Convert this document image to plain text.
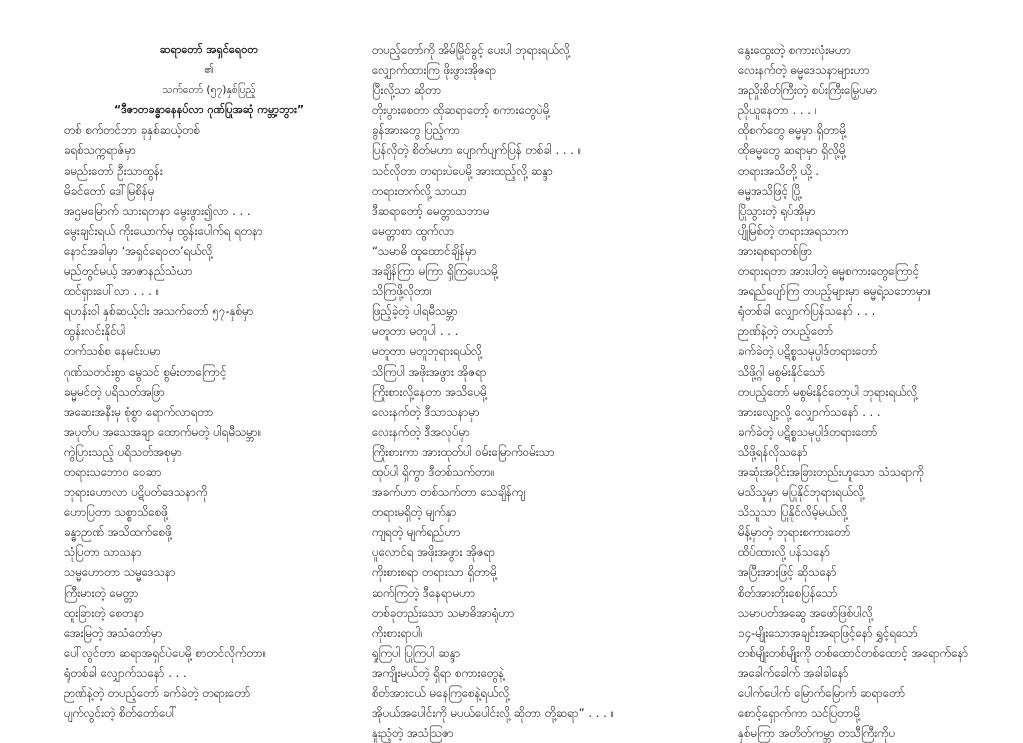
ဆရာတော် အရှင်ရေဝတ
၏
သက်တော် (၅၇)နှစ်ပြည့်
“ဒီဇာတခန္ဓာနေနပ်လာ ဂုဏ်ပြုအဆုံ ကမ္ဘာ့ဘွား”
• တစ် စက်တင်ဘာ ခုနှစ်ဆယ့်တစ်
ခရစ်သက္ကရာဇ်မှာ
ခမည်းတော် ဦးသာထွန်း
မိခင်တော် ဒေါ်မြစိန်မှ
အဌမမြောက် သားရတနာ မွေးဖွား၍လာ . . .
မွေးချင်းရယ် ကိုးယောက်မှ ထွန်းပေါက်ရ ရတနာ
နောင်အခါမှာ ‘အရှင်ရေဝတ’ရယ်လို့
မည်တွင်မယ့် အာဇာနည်သံဃာ
ထင်ရှားပေါ်လာ . . . ။
• ရဟန်းဝါ နှစ်ဆယ့်ငါး အသက်တော် ၅၇-နှစ်မှာ
ထွန်းလင်းနိုင်ပါ
တက်သစ်စ နေမင်းပမာ
ဂုဏ်သတင်းစွာ မွေသင် စွမ်းတာကြောင့်
ခမ္မမင်တဲ့ ပရိသတ်အဖြာ
အဆေးအနီးမှ စုံစွာ ရောက်လာရတာ
အပုတ်ပ အသေအချာ ထောက်မတဲ့ ပါရမီသမ္ဘာ။
• ကွဲပြားသည့် ပရိသတ်အစုမှာ
တရားသဘောဝ ဝေဆာ
ဘုရားဟောလာ ပဋိပတ်ဒေသနာကို
ဟောပြတာ သစ္စာသိစေဖို့
ခန္ဓာဉာဏ် အသိထက်စေဖို့
သုံပြတာ သာသနာ
သမ္မဟောတာ သမ္မဒေသနာ
ကြီးမားတဲ့ မေတ္တာ
ထူးခြားတဲ့ စေတနာ
အေးမြတဲ့ အသံတော်မှာ
ပေါ်လွင်တာ ဆရာအရှင်ပဲပေမို့ စာတင်လိုက်တာ။
• ရုံတစ်ခါ လျှောက်သနော် . . .
ဉာဏ်နဲ့တဲ့ တပည့်တော် ခက်ခဲတဲ့ တရားတော်
ပျက်လွင်းတဲ့ စိတ်တော်ပေါ်
တပည့်တော်ကို အိမ်မြိုင်ခွင့် ပေးပါ ဘုရားရယ်လို့
လျှောက်ထားကြ ဖိုးဖွားအိုဇရာ
ပြီးလို့သာ ဆိုတာ
တိုးပွားစေတာ ထိုဆရာတော့် စကားတွေပဲမို့
ခွန်အားတွေ ပြည့်ကာ
ပြန်လိုတဲ့ စိတ်မဟာ ပျောက်ပျက်ပြန် တစ်ခါ . . . ။
• သင်လိုတာ တရားပဲပေမို့ အားထည့်လို့ ဆန္ဒာ
တရားတက်လို့ သာယာ
ဒီဆရာတော့် မေတ္တာသဘာမ
မေတ္တာစာ ထွက်လာ
“သမာဓိ ထူထောင်ချိန်မှာ
အချိန်ကြာ မကြာ ရှိကြပေသမို့
သိကြဖို့လိုတာ၊
ဖြည့်ခဲ့တဲ့ ပါရမီသမ္ဘာ
မတူတာ မတူပါ . . .
မတူတာ မတူဘုရားရယ်လို့
သိကြပါ အဖိုးအဖွား အိုဇရာ
ကြိုးစားလို့နေတာ အသိပေမို့
လေးနက်တဲ့ ဒီသာသနာမှာ
လေးနက်တဲ့ ဒီအလုပ်မှာ
ကြိုးစားကာ အားထုတ်ပါ ဝမ်းမြောက်ဝမ်းသာ
ထုပ်ပါ ရှိကွာ ဒီတစ်သက်တာ။
• အခက်ဟာ တစ်သက်တာ သေချိန်ကျ
တရားမရှိတဲ့ မျက်နှာ
ကျရတဲ့ မျက်ရည်ဟာ
ပူလောင်ရ အဖိုးအဖွား အိုဇရာ
ကိုးစားစရာ တရားသာ ရှိတာမို့
ဆက်ကြတဲ့ ဒီနေရာမဟာ
တစ်ခုတည်းသော သမာဓိအာရုံဟာ
ကိုးစားရာပါ၊
ရှုကြပါ ပြုကြပါ ဆန္ဒာ
အကျိုးမယ်တဲ့ ရှိရာ စကားတွေနဲ့
စိတ်အားငယ် မနေကြစေနဲ့ရယ်လို့
အိုပယ်အပေါင်းကို မပယ်ပေါင်းလို့ ဆိုတာ တို့ဆရာ” . . . ။
• နူးညံ့တဲ့ အသံဩဇာ
နွေးထွေးတဲ့ စကားလုံးမဟာ
လေးနက်တဲ့ ဓမ္မဒေသနာများဟာ
အညှိုးစိတ်ကြီးတဲ့ စပ်းကြီးမြှေပမာ
ညိုယူနေတာ . . . ၊
ထိုစက်တွေ ဓမ္မမှာ ရှိတာမို့
ထိုဓမ္မတွေ ဆရာမှာ ရှိလို့မို့
တရားအသိတို့ ယို့ .
ဓမ္မအသိဖြင့် ပြို့
ပြိုသွားတဲ့ ရုပ်အိုမှာ
ပျိုမြစ်တဲ့ တရားအရသာက
အားရစရာတစ်ဖြာ
တရားရတာ အားပါတဲ့ ဓမ္မစကားတွေကြောင့်
အရည်ပျော်ကြ တပည့်များမှာ ဓမ္မရဲ့သဘောမှာ။
• ရုံတစ်ခါ လျှောက်ပြန်သနော် . . .
ဉာဏ်နဲ့တဲ့ တပည့်တော်
ခက်ခဲတဲ့ ပဋိစ္စသမုပ္ပါဒ်တရားတော်
သိဖို့ဂ္ဂါ မစွမ်းနိုင်သော်
တပည့်တော် မစွမ်းနိုင်တော့ပါ ဘုရားရယ်လို့
အားလျော့လို့ လျှောက်သနော် . . .
ခက်ခဲတဲ့ ပဋိစ္စသမုပ္ပါဒ်တရားတော်
သိဖို့ရန်လိုသနော်
အဆုံးအပိုင်းအခြားတည်းဟူသော သံသရာကို
မသိသူမှာ မပြုနိုင်ဘုရားရယ်လို့
သိသူသာ ပြုနိုင်လိမ့်မယ်လို့
မိန့်မှာတဲ့ ဘုရားစကားတော်
ထိပ်ထားလို့ ပန်သနော်
အပြီးအားဖြင့် ဆိုသနော်
စိတ်အားတိုးစေပြန်သော်
သမာပတ်အဆွေ အဖော်ဖြစ်ပါလို့
၁၄-မျိုးသောအချင်းအရာဖြင့်နော် ရွှင့်ရသော်
တစ်မျိုးတစ်မျိုးကို တစ်ထောင်တစ်ထောင့် အရောက်နော်
အခေါက်ခေါက် အခါခါနော်
ပေါက်ပေါက် မြောက်မြောက် ဆရာတော်
စောင့်ရှောက်ကာ သင်ပြတာမို့
နှစ်မကြာ အတိတ်ကမ္ဘာ တသီကြီးကိုပ
